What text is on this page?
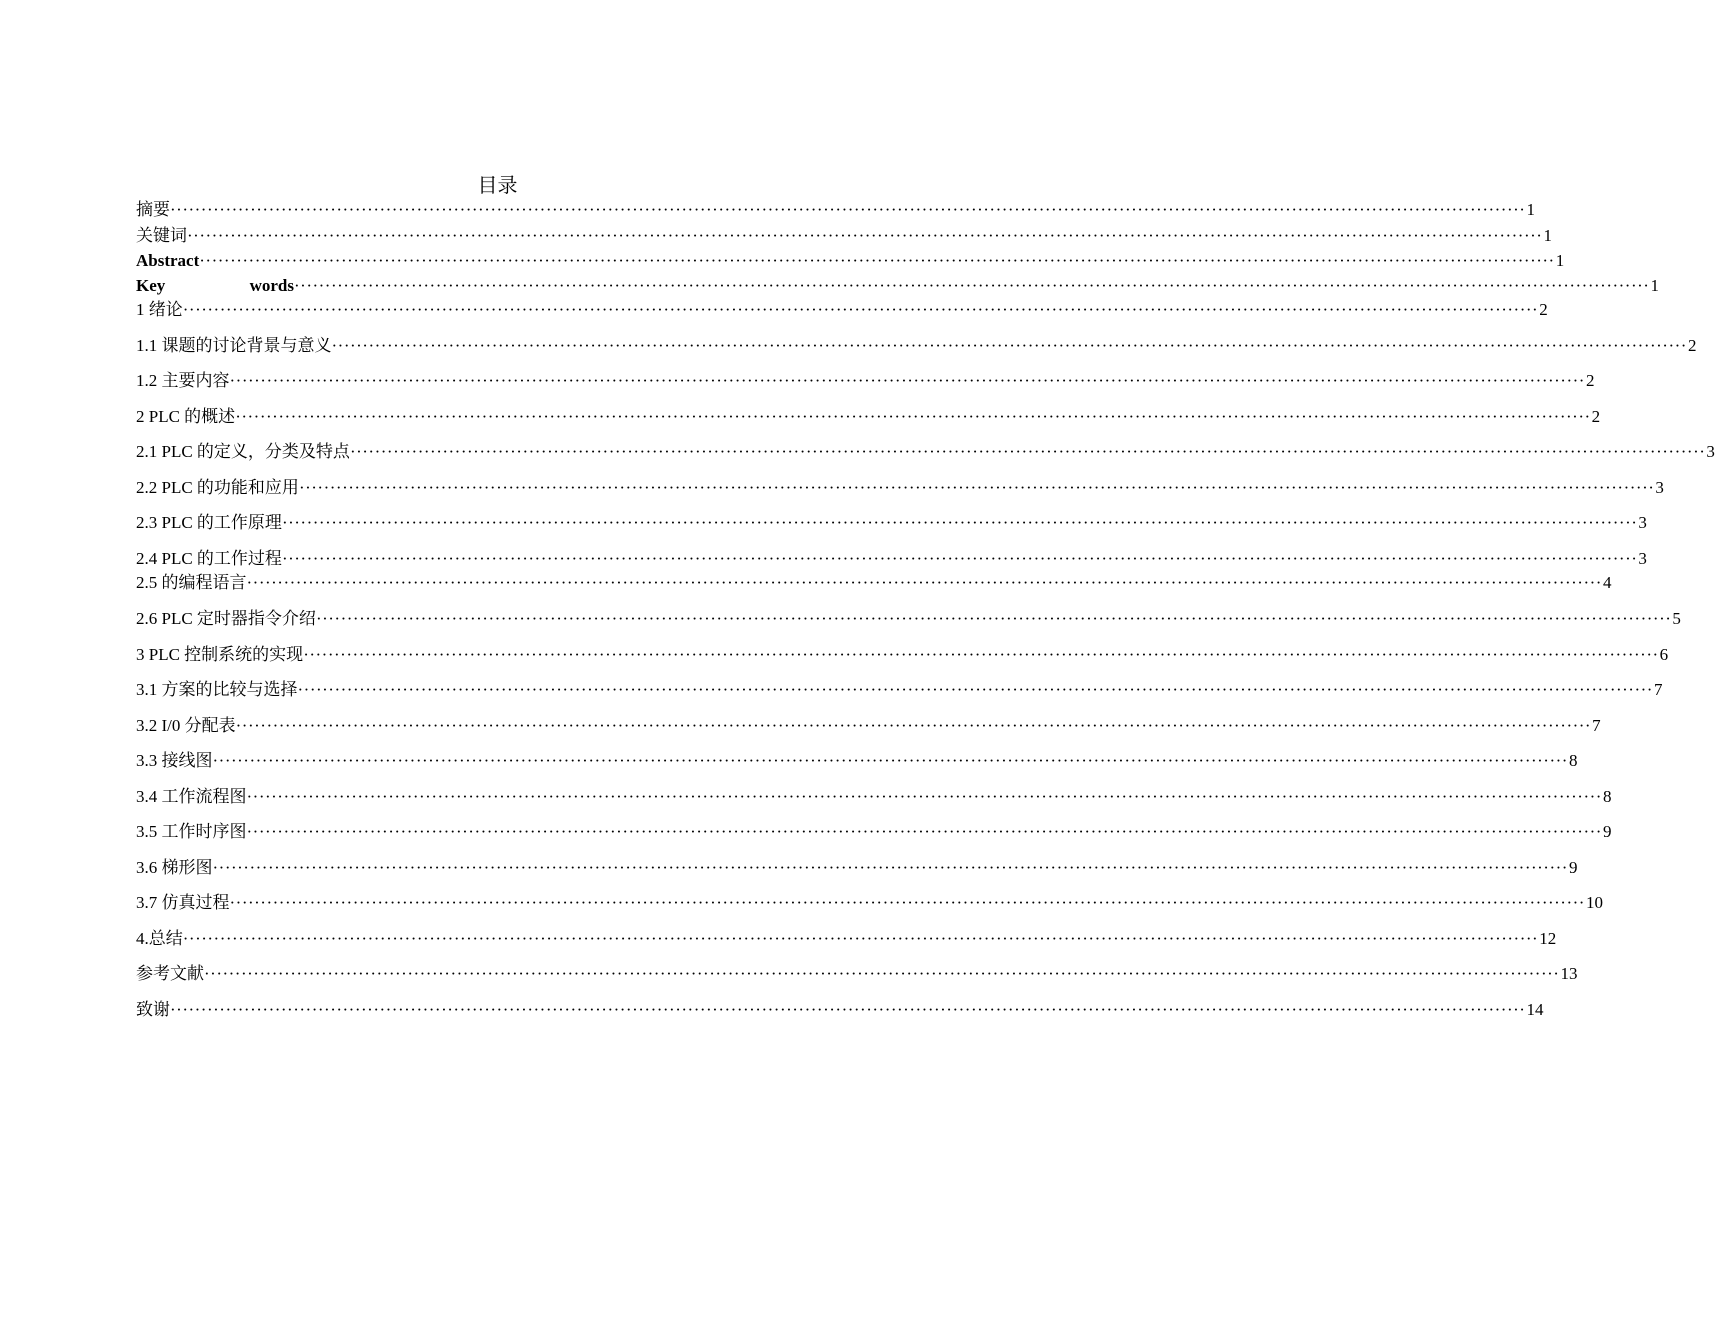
目录
摘要 ···························································································································································································································· 1
关键词 ···························································································································································································································· 1
Abstract ···························································································································································································································· 1
Key	words ···························································································································································································································· 1
1 绪论 ···························································································································································································································· 2
1.1 课题的讨论背景与意义 ···························································································································································································································· 2
1.2 主要内容 ···························································································································································································································· 2
2 PLC 的概述 ···························································································································································································································· 2
2.1 PLC 的定义，分类及特点 ···························································································································································································································· 3
2.2 PLC 的功能和应用 ···························································································································································································································· 3
2.3 PLC 的工作原理 ···························································································································································································································· 3
2.4 PLC 的工作过程 ···························································································································································································································· 3
2.5 的编程语言 ···························································································································································································································· 4
2.6 PLC 定时器指令介绍 ···························································································································································································································· 5
3 PLC 控制系统的实现 ···························································································································································································································· 6
3.1 方案的比较与选择 ···························································································································································································································· 7
3.2 I/0 分配表 ···························································································································································································································· 7
3.3 接线图 ···························································································································································································································· 8
3.4 工作流程图 ···························································································································································································································· 8
3.5 工作时序图 ···························································································································································································································· 9
3.6 梯形图 ···························································································································································································································· 9
3.7 仿真过程 ···························································································································································································································· 10
4.总结 ···························································································································································································································· 12
参考文献 ···························································································································································································································· 13
致谢 ···························································································································································································································· 14
